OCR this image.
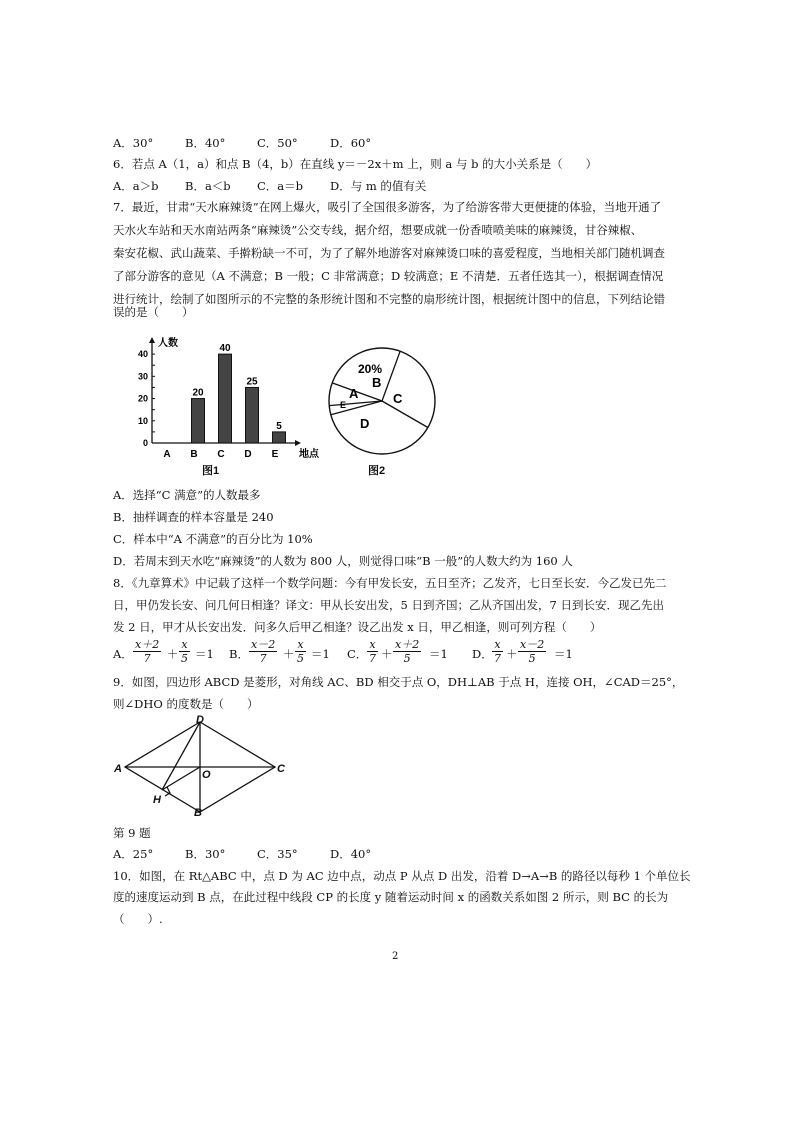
A．30°	B．40°	C．50°	D．60°
6．若点 A（1，a）和点 B（4，b）在直线 y＝－2x＋m 上，则 a 与 b 的大小关系是（　　）
A．a＞b B．a＜b C．a＝b D．与 m 的值有关
7．最近，甘肃“天水麻辣烫”在网上爆火，吸引了全国很多游客，为了给游客带大更便捷的体验，当地开通了
天水火车站和天水南站两条“麻辣烫”公交专线，据介绍，想要成就一份香喷喷美味的麻辣烫，甘谷辣椒、
秦安花椒、武山蔬菜、手擀粉缺一不可，为了了解外地游客对麻辣烫口味的喜爱程度，当地相关部门随机调查
了部分游客的意见（A 不满意；B 一般；C 非常满意；D 较满意；E 不清楚．五者任选其一），根据调查情况
进行统计，绘制了如图所示的不完整的条形统计图和不完整的扇形统计图，根据统计图中的信息，下列结论错
误的是（　　）
人数
地点
0
10
20
30
40
A B
20
C
40
D
25
E
5
图1
A
B
C
D
E
20%
图2
A．选择“C 满意”的人数最多
B．抽样调查的样本容量是 240
C．样本中“A 不满意”的百分比为 10%
D．若周末到天水吃“麻辣烫”的人数为 800 人，则觉得口味“B 一般”的人数大约为 160 人
8．《九章算术》中记载了这样一个数学问题：今有甲发长安，五日至齐；乙发齐，七日至长安．今乙发已先二
日，甲仍发长安、问几何日相逢？译文：甲从长安出发，5 日到齐国；乙从齐国出发，7 日到长安．现乙先出
发 2 日，甲才从长安出发．问多久后甲乙相逢？设乙出发 x 日，甲乙相逢，则可列方程（　　）
A． $\frac{x+2}{7} + \frac{x}{5} =1$ B． $\frac{x-2}{7} + \frac{x}{5} =1$ C． $\frac{x}{7} + \frac{x+2}{5} =1$ D． $\frac{x}{7} + \frac{x-2}{5} =1$
9．如图，四边形 ABCD 是菱形，对角线 AC、BD 相交于点 O，DH⊥AB 于点 H，连接 OH，∠CAD＝25°，
则∠DHO 的度数是（　　）
D
A	O	C
H
B
第 9 题
A．25°	B．30°	C．35°	D．40°
10．如图，在 Rt△ABC 中，点 D 为 AC 边中点，动点 P 从点 D 出发，沿着 D→A→B 的路径以每秒 1 个单位长
度的速度运动到 B 点，在此过程中线段 CP 的长度 y 随着运动时间 x 的函数关系如图 2 所示，则 BC 的长为
（　　）.
2
